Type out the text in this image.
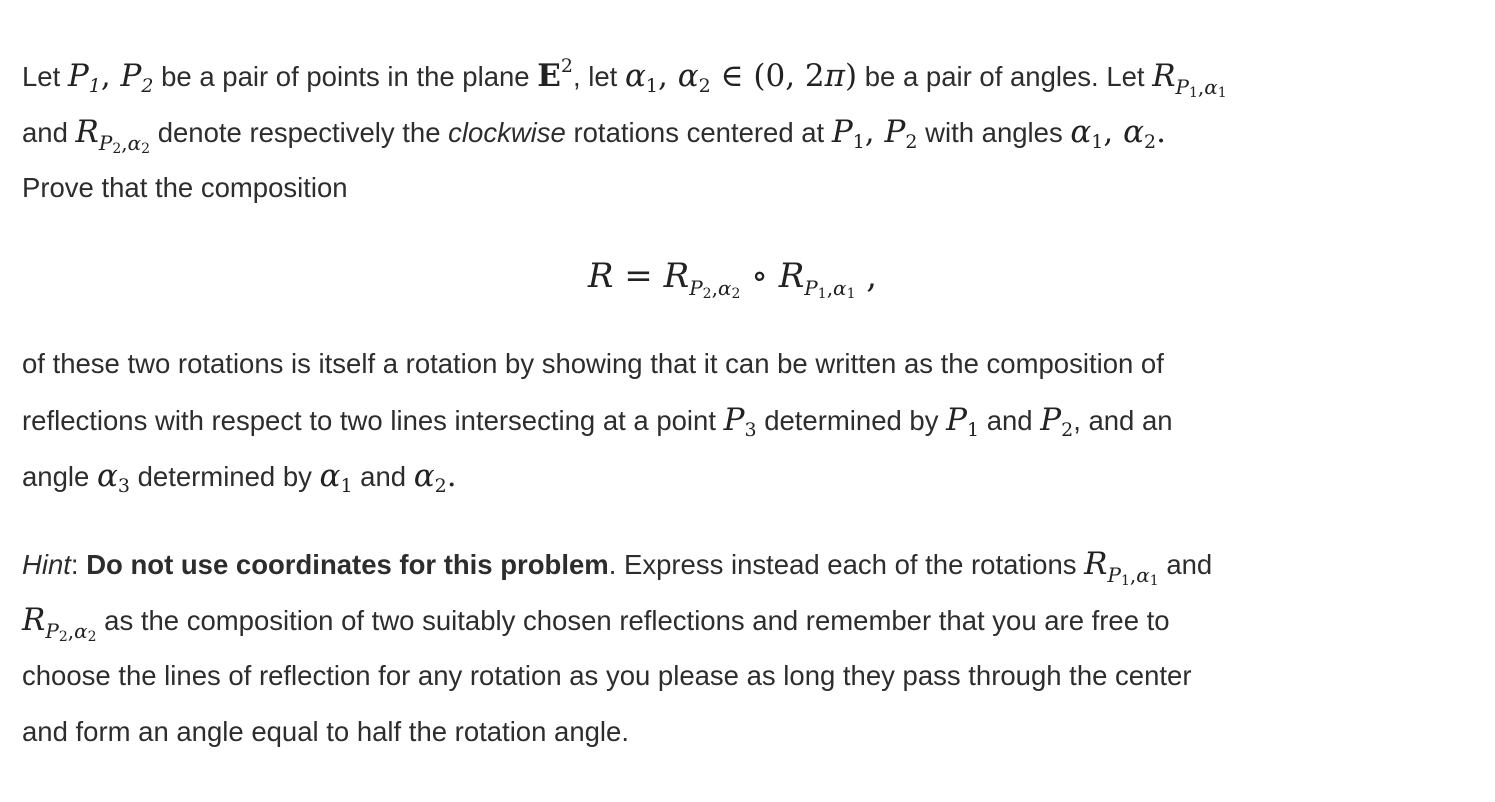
Let $P_1$, $P_2$ be a pair of points in the plane $E^2$, let $\alpha_1$, $\alpha_2$ ∈ (0, 2π) be a pair of angles. Let $R_{P_1,\alpha_1}$
and $R_{P_2,\alpha_2}$ denote respectively the clockwise rotations centered at $P_1$, $P_2$ with angles $\alpha_1$, $\alpha_2$.
Prove that the composition
$R = R_{P_2,\alpha_2}$ ∘ $R_{P_1,\alpha_1}$ ,
of these two rotations is itself a rotation by showing that it can be written as the composition of
reflections with respect to two lines intersecting at a point $P_3$ determined by $P_1$ and $P_2$, and an
angle $\alpha_3$ determined by $\alpha_1$ and $\alpha_2$.
Hint: Do not use coordinates for this problem. Express instead each of the rotations $R_{P_1,\alpha_1}$ and
$R_{P_2,\alpha_2}$ as the composition of two suitably chosen reflections and remember that you are free to
choose the lines of reflection for any rotation as you please as long they pass through the center
and form an angle equal to half the rotation angle.
